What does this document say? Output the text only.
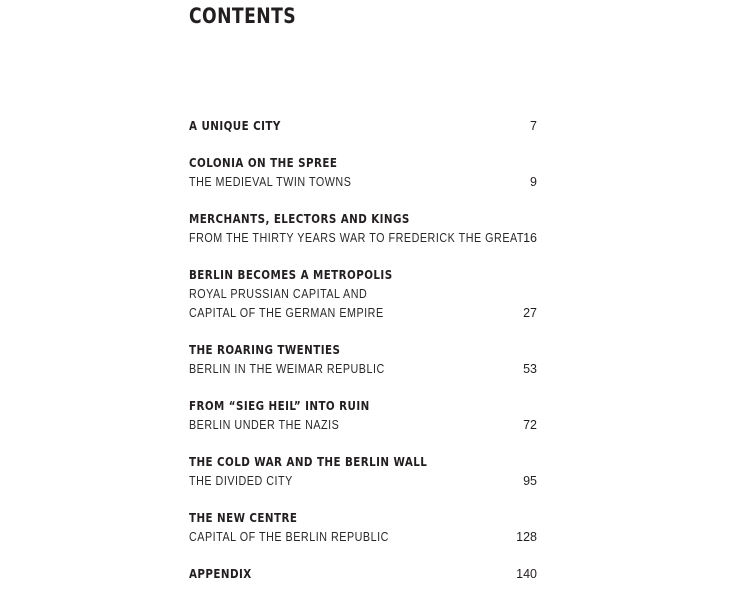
CONTENTS
A UNIQUE CITY	7
COLONIA ON THE SPREE
THE MEDIEVAL TWIN TOWNS	9
MERCHANTS, ELECTORS AND KINGS
FROM THE THIRTY YEARS WAR TO FREDERICK THE GREAT 16
BERLIN BECOMES A METROPOLIS
ROYAL PRUSSIAN CAPITAL AND
CAPITAL OF THE GERMAN EMPIRE	27
THE ROARING TWENTIES
BERLIN IN THE WEIMAR REPUBLIC	53
FROM “SIEG HEIL” INTO RUIN
BERLIN UNDER THE NAZIS	72
THE COLD WAR AND THE BERLIN WALL
THE DIVIDED CITY	95
THE NEW CENTRE
CAPITAL OF THE BERLIN REPUBLIC	128
APPENDIX	140
